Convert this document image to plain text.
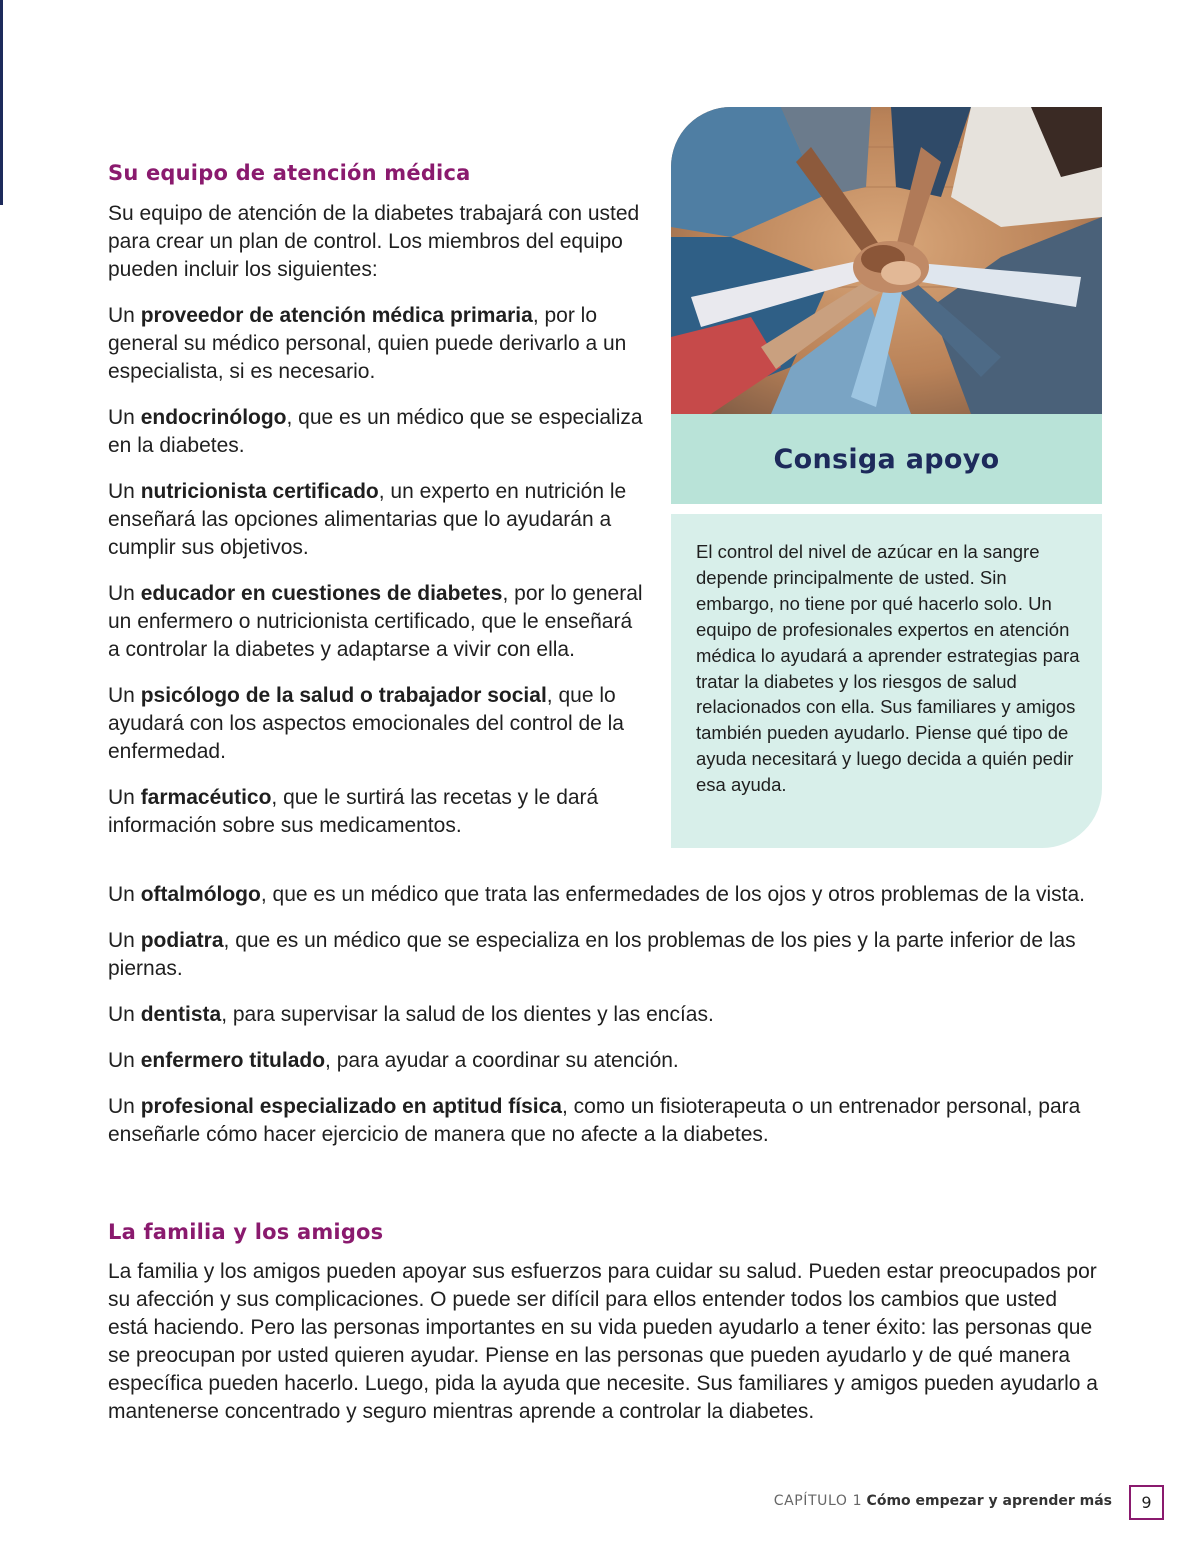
Su equipo de atención médica

Su equipo de atención de la diabetes trabajará con usted para crear un plan de control. Los miembros del equipo pueden incluir los siguientes:

Un proveedor de atención médica primaria, por lo general su médico personal, quien puede derivarlo a un especialista, si es necesario.

Un endocrinólogo, que es un médico que se especializa en la diabetes.

Un nutricionista certificado, un experto en nutrición le enseñará las opciones alimentarias que lo ayudarán a cumplir sus objetivos.

Un educador en cuestiones de diabetes, por lo general un enfermero o nutricionista certificado, que le enseñará a controlar la diabetes y adaptarse a vivir con ella.

Un psicólogo de la salud o trabajador social, que lo ayudará con los aspectos emocionales del control de la enfermedad.

Un farmacéutico, que le surtirá las recetas y le dará información sobre sus medicamentos.

Un oftalmólogo, que es un médico que trata las enfermedades de los ojos y otros problemas de la vista.

Un podiatra, que es un médico que se especializa en los problemas de los pies y la parte inferior de las piernas.

Un dentista, para supervisar la salud de los dientes y las encías.

Un enfermero titulado, para ayudar a coordinar su atención.

Un profesional especializado en aptitud física, como un fisioterapeuta o un entrenador personal, para enseñarle cómo hacer ejercicio de manera que no afecte a la diabetes.

Consiga apoyo

El control del nivel de azúcar en la sangre depende principalmente de usted. Sin embargo, no tiene por qué hacerlo solo. Un equipo de profesionales expertos en atención médica lo ayudará a aprender estrategias para tratar la diabetes y los riesgos de salud relacionados con ella. Sus familiares y amigos también pueden ayudarlo. Piense qué tipo de ayuda necesitará y luego decida a quién pedir esa ayuda.

La familia y los amigos

La familia y los amigos pueden apoyar sus esfuerzos para cuidar su salud. Pueden estar preocupados por su afección y sus complicaciones. O puede ser difícil para ellos entender todos los cambios que usted está haciendo. Pero las personas importantes en su vida pueden ayudarlo a tener éxito: las personas que se preocupan por usted quieren ayudar. Piense en las personas que pueden ayudarlo y de qué manera específica pueden hacerlo. Luego, pida la ayuda que necesite. Sus familiares y amigos pueden ayudarlo a mantenerse concentrado y seguro mientras aprende a controlar la diabetes.

CAPÍTULO 1 Cómo empezar y aprender más	9
